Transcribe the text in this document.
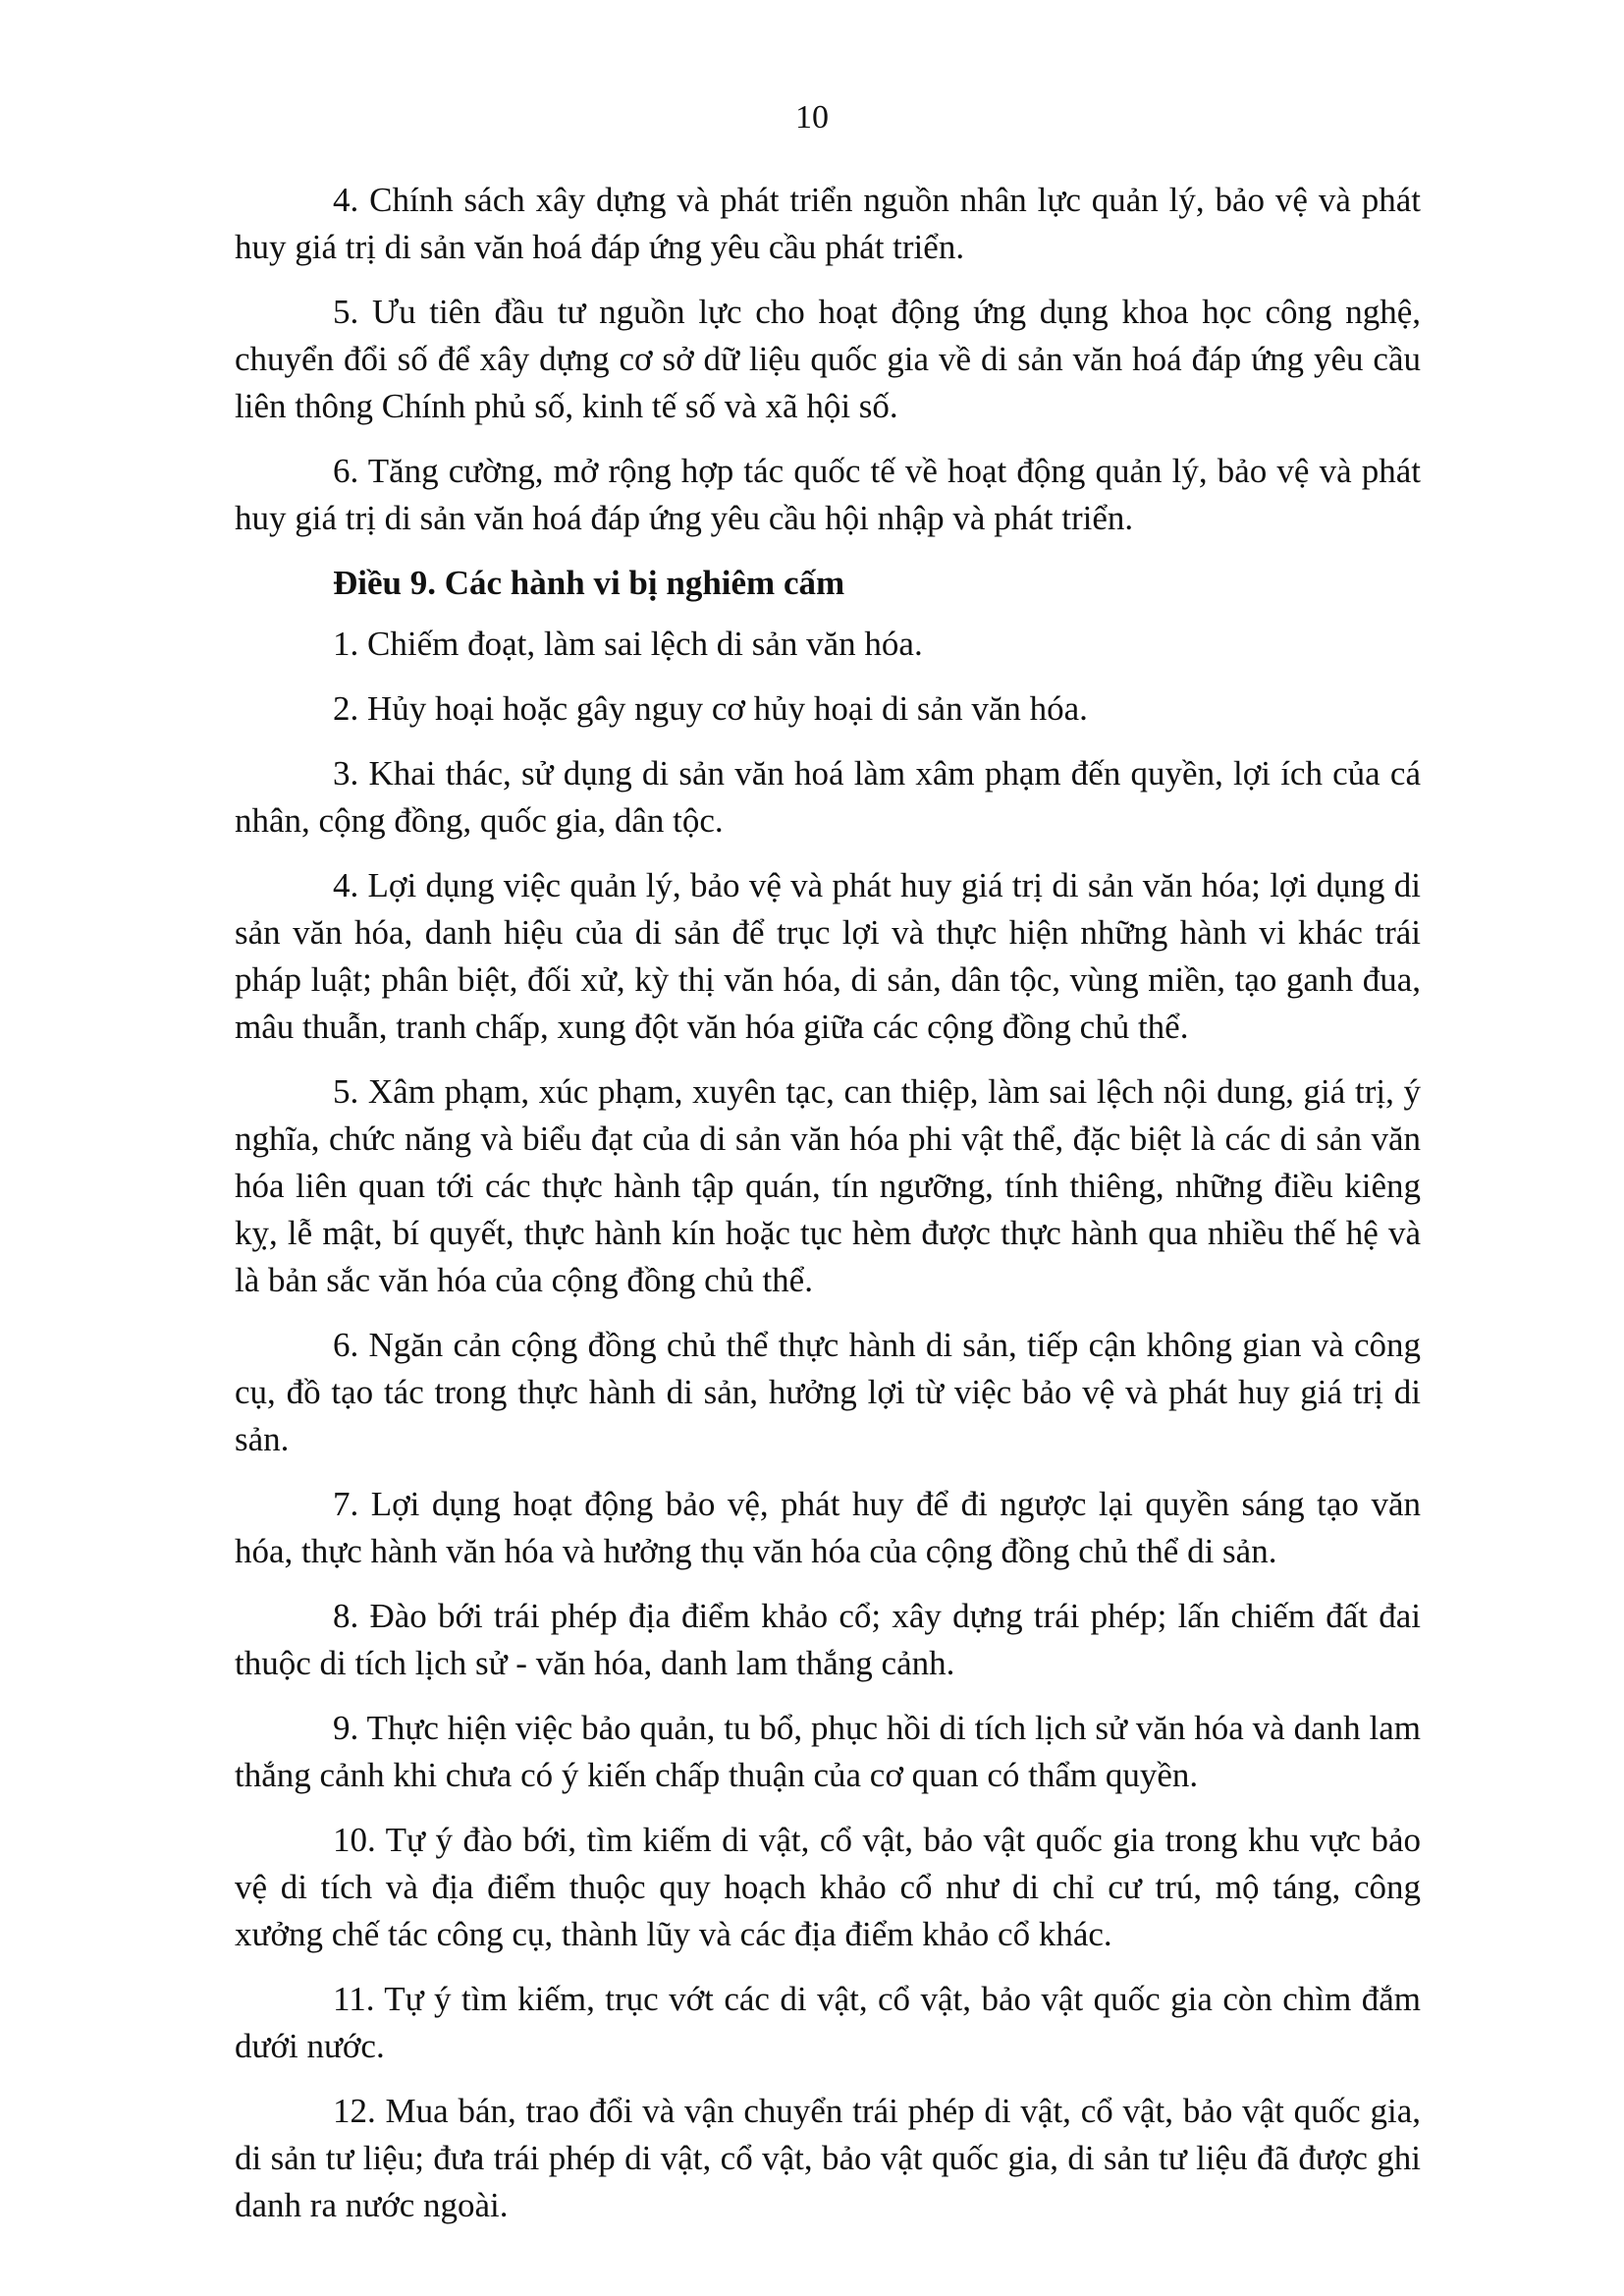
10

4. Chính sách xây dựng và phát triển nguồn nhân lực quản lý, bảo vệ và phát huy giá trị di sản văn hoá đáp ứng yêu cầu phát triển.

5. Ưu tiên đầu tư nguồn lực cho hoạt động ứng dụng khoa học công nghệ, chuyển đổi số để xây dựng cơ sở dữ liệu quốc gia về di sản văn hoá đáp ứng yêu cầu liên thông Chính phủ số, kinh tế số và xã hội số.

6. Tăng cường, mở rộng hợp tác quốc tế về hoạt động quản lý, bảo vệ và phát huy giá trị di sản văn hoá đáp ứng yêu cầu hội nhập và phát triển.

Điều 9. Các hành vi bị nghiêm cấm

1. Chiếm đoạt, làm sai lệch di sản văn hóa.

2. Hủy hoại hoặc gây nguy cơ hủy hoại di sản văn hóa.

3. Khai thác, sử dụng di sản văn hoá làm xâm phạm đến quyền, lợi ích của cá nhân, cộng đồng, quốc gia, dân tộc.

4. Lợi dụng việc quản lý, bảo vệ và phát huy giá trị di sản văn hóa; lợi dụng di sản văn hóa, danh hiệu của di sản để trục lợi và thực hiện những hành vi khác trái pháp luật; phân biệt, đối xử, kỳ thị văn hóa, di sản, dân tộc, vùng miền, tạo ganh đua, mâu thuẫn, tranh chấp, xung đột văn hóa giữa các cộng đồng chủ thể.

5. Xâm phạm, xúc phạm, xuyên tạc, can thiệp, làm sai lệch nội dung, giá trị, ý nghĩa, chức năng và biểu đạt của di sản văn hóa phi vật thể, đặc biệt là các di sản văn hóa liên quan tới các thực hành tập quán, tín ngưỡng, tính thiêng, những điều kiêng kỵ, lễ mật, bí quyết, thực hành kín hoặc tục hèm được thực hành qua nhiều thế hệ và là bản sắc văn hóa của cộng đồng chủ thể.

6. Ngăn cản cộng đồng chủ thể thực hành di sản, tiếp cận không gian và công cụ, đồ tạo tác trong thực hành di sản, hưởng lợi từ việc bảo vệ và phát huy giá trị di sản.

7. Lợi dụng hoạt động bảo vệ, phát huy để đi ngược lại quyền sáng tạo văn hóa, thực hành văn hóa và hưởng thụ văn hóa của cộng đồng chủ thể di sản.

8. Đào bới trái phép địa điểm khảo cổ; xây dựng trái phép; lấn chiếm đất đai thuộc di tích lịch sử - văn hóa, danh lam thắng cảnh.

9. Thực hiện việc bảo quản, tu bổ, phục hồi di tích lịch sử văn hóa và danh lam thắng cảnh khi chưa có ý kiến chấp thuận của cơ quan có thẩm quyền.

10. Tự ý đào bới, tìm kiếm di vật, cổ vật, bảo vật quốc gia trong khu vực bảo vệ di tích và địa điểm thuộc quy hoạch khảo cổ như di chỉ cư trú, mộ táng, công xưởng chế tác công cụ, thành lũy và các địa điểm khảo cổ khác.

11. Tự ý tìm kiếm, trục vớt các di vật, cổ vật, bảo vật quốc gia còn chìm đắm dưới nước.

12. Mua bán, trao đổi và vận chuyển trái phép di vật, cổ vật, bảo vật quốc gia, di sản tư liệu; đưa trái phép di vật, cổ vật, bảo vật quốc gia, di sản tư liệu đã được ghi danh ra nước ngoài.
